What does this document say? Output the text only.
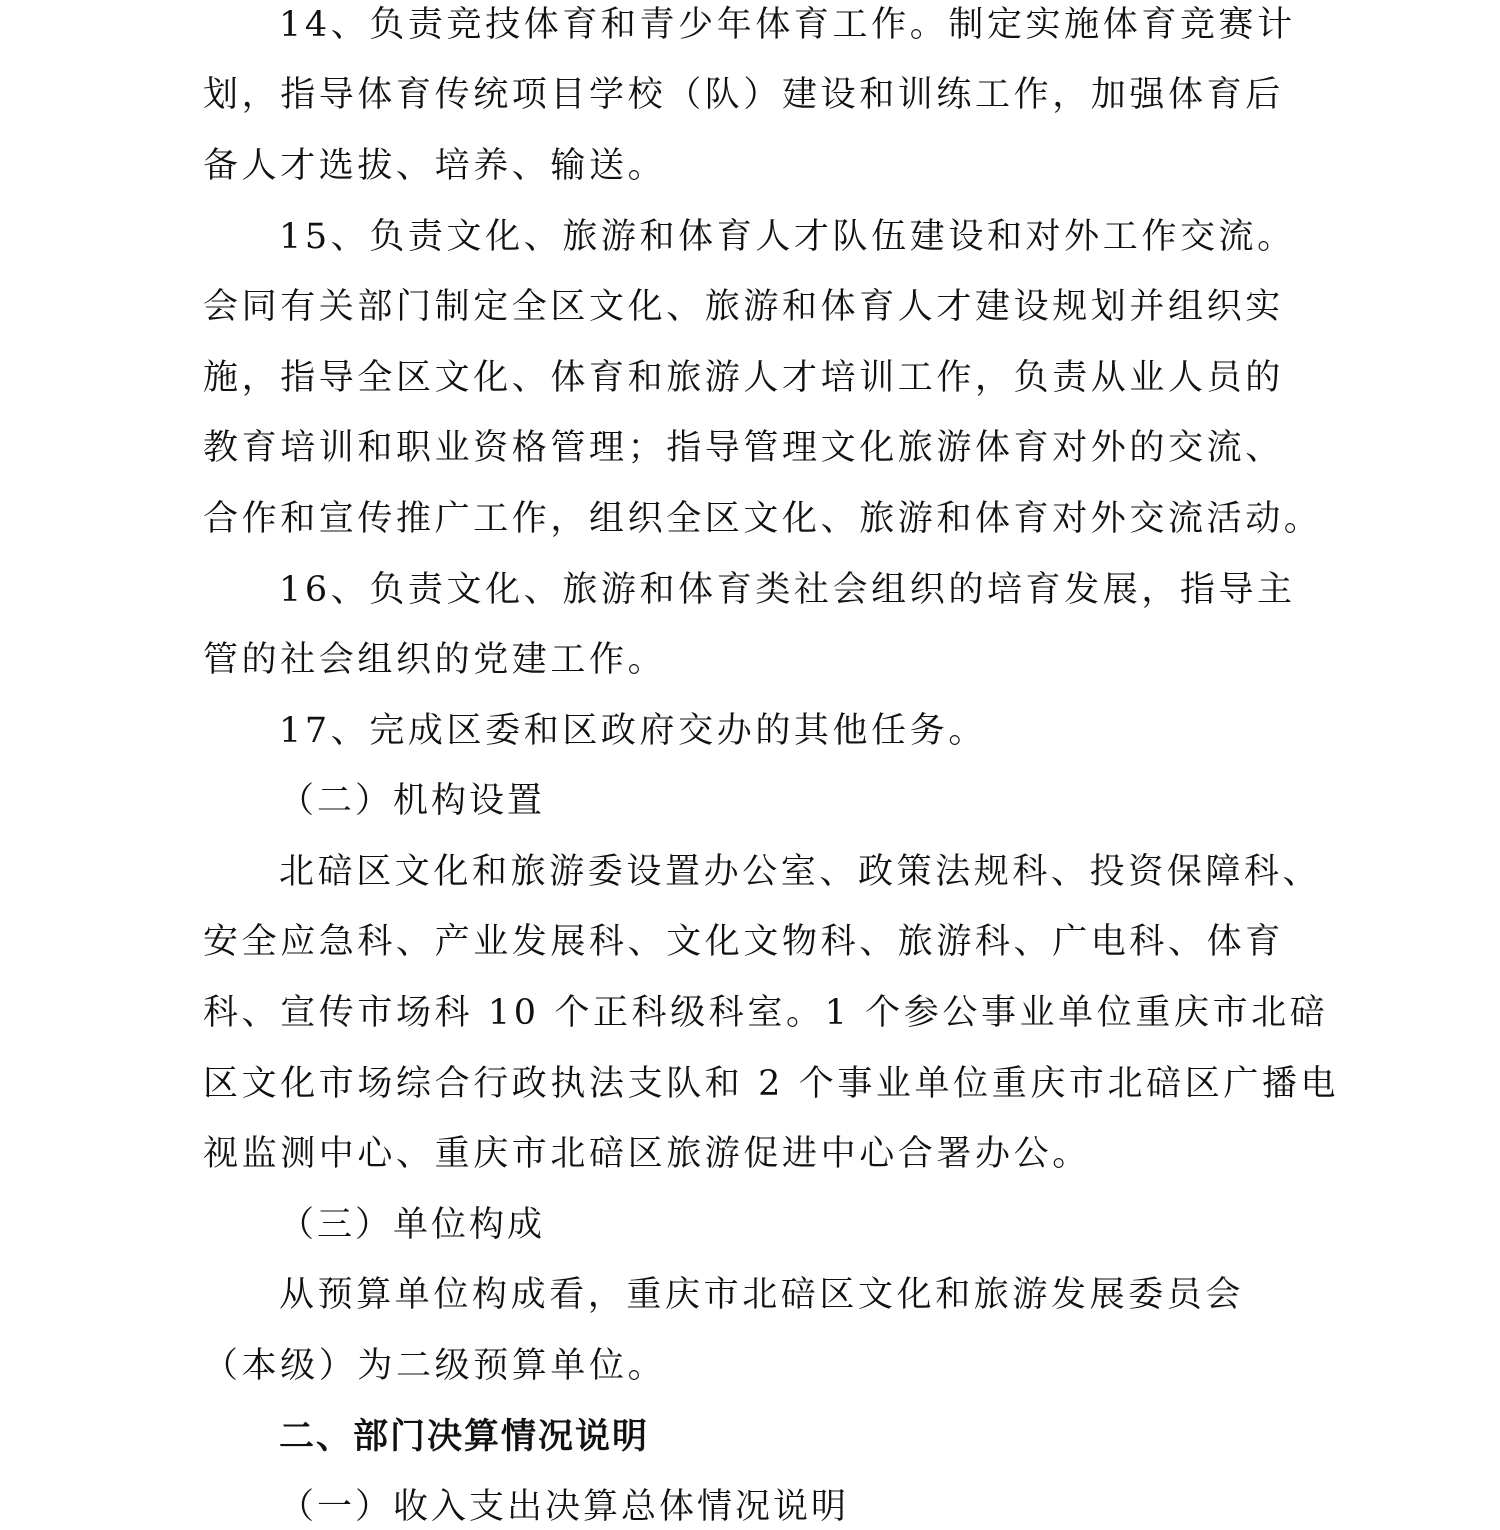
14、负责竞技体育和青少年体育工作。制定实施体育竞赛计
划，指导体育传统项目学校（队）建设和训练工作，加强体育后
备人才选拔、培养、输送。
15、负责文化、旅游和体育人才队伍建设和对外工作交流。
会同有关部门制定全区文化、旅游和体育人才建设规划并组织实
施，指导全区文化、体育和旅游人才培训工作，负责从业人员的
教育培训和职业资格管理；指导管理文化旅游体育对外的交流、
合作和宣传推广工作，组织全区文化、旅游和体育对外交流活动。
16、负责文化、旅游和体育类社会组织的培育发展，指导主
管的社会组织的党建工作。
17、完成区委和区政府交办的其他任务。
（二）机构设置
北碚区文化和旅游委设置办公室、政策法规科、投资保障科、
安全应急科、产业发展科、文化文物科、旅游科、广电科、体育
科、宣传市场科 10 个正科级科室。1 个参公事业单位重庆市北碚
区文化市场综合行政执法支队和 2 个事业单位重庆市北碚区广播电
视监测中心、重庆市北碚区旅游促进中心合署办公。
（三）单位构成
从预算单位构成看，重庆市北碚区文化和旅游发展委员会
（本级）为二级预算单位。
二、部门决算情况说明
（一）收入支出决算总体情况说明
